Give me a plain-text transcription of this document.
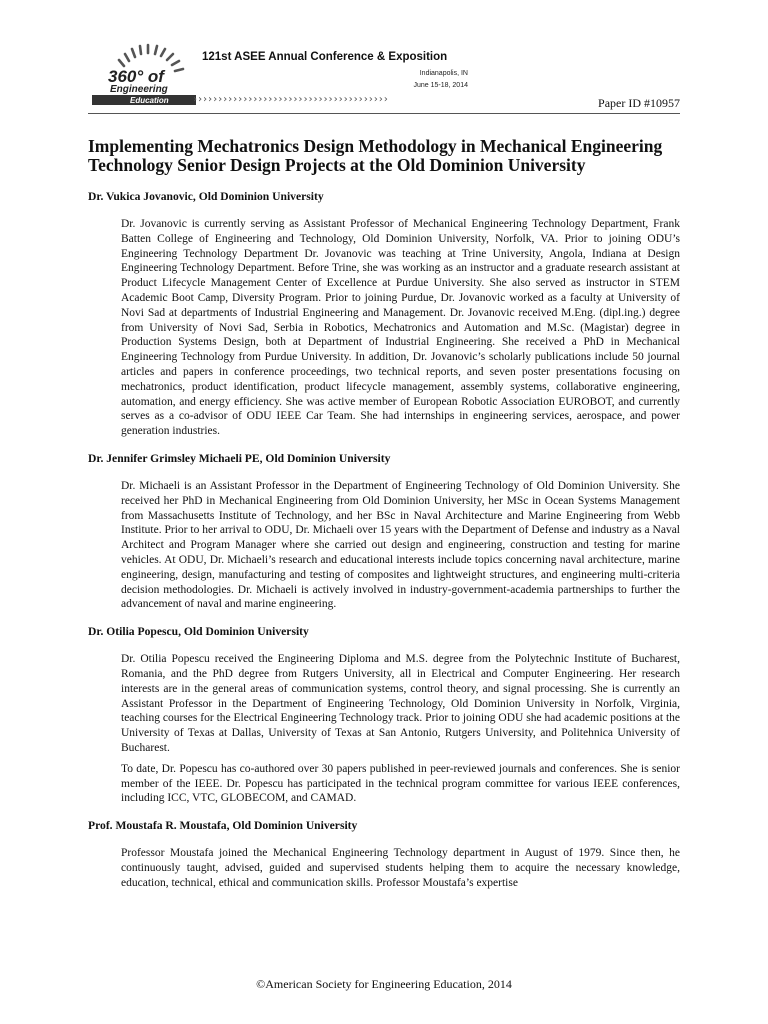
360° of
Engineering
Education
121st ASEE Annual Conference & Exposition
Indianapolis, IN
June 15-18, 2014
›››››››››››››››››››››››››››››››››››››››	Paper ID #10957
Implementing Mechatronics Design Methodology in Mechanical Engineering Technology Senior Design Projects at the Old Dominion University
Dr. Vukica Jovanovic, Old Dominion University

Dr. Jovanovic is currently serving as Assistant Professor of Mechanical Engineering Technology Department, Frank Batten College of Engineering and Technology, Old Dominion University, Norfolk, VA. Prior to joining ODU’s Engineering Technology Department Dr. Jovanovic was teaching at Trine University, Angola, Indiana at Design Engineering Technology Department. Before Trine, she was working as an instructor and a graduate research assistant at Product Lifecycle Management Center of Excellence at Purdue University. She also served as instructor in STEM Academic Boot Camp, Diversity Program. Prior to joining Purdue, Dr. Jovanovic worked as a faculty at University of Novi Sad at departments of Industrial Engineering and Management. Dr. Jovanovic received M.Eng. (dipl.ing.) degree from University of Novi Sad, Serbia in Robotics, Mechatronics and Automation and M.Sc. (Magistar) degree in Production Systems Design, both at Department of Industrial Engineering. She received a PhD in Mechanical Engineering Technology from Purdue University. In addition, Dr. Jovanovic’s scholarly publications include 50 journal articles and papers in conference proceedings, two technical reports, and seven poster presentations focusing on mechatronics, product identification, product lifecycle management, assembly systems, collaborative engineering, automation, and energy efficiency. She was active member of European Robotic Association EUROBOT, and currently serves as a co-advisor of ODU IEEE Car Team. She had internships in engineering services, aerospace, and power generation industries.

Dr. Jennifer Grimsley Michaeli PE, Old Dominion University

Dr. Michaeli is an Assistant Professor in the Department of Engineering Technology of Old Dominion University. She received her PhD in Mechanical Engineering from Old Dominion University, her MSc in Ocean Systems Management from Massachusetts Institute of Technology, and her BSc in Naval Architecture and Marine Engineering from Webb Institute. Prior to her arrival to ODU, Dr. Michaeli over 15 years with the Department of Defense and industry as a Naval Architect and Program Manager where she carried out design and engineering, construction and testing for marine vehicles. At ODU, Dr. Michaeli’s research and educational interests include topics concerning naval architecture, marine engineering, design, manufacturing and testing of composites and lightweight structures, and engineering multi-criteria decision methodologies. Dr. Michaeli is actively involved in industry-government-academia partnerships to further the advancement of naval and marine engineering.

Dr. Otilia Popescu, Old Dominion University

Dr. Otilia Popescu received the Engineering Diploma and M.S. degree from the Polytechnic Institute of Bucharest, Romania, and the PhD degree from Rutgers University, all in Electrical and Computer Engineering. Her research interests are in the general areas of communication systems, control theory, and signal processing. She is currently an Assistant Professor in the Department of Engineering Technology, Old Dominion University in Norfolk, Virginia, teaching courses for the Electrical Engineering Technology track. Prior to joining ODU she had academic positions at the University of Texas at Dallas, University of Texas at San Antonio, Rutgers University, and Politehnica University of Bucharest.

To date, Dr. Popescu has co-authored over 30 papers published in peer-reviewed journals and conferences. She is senior member of the IEEE. Dr. Popescu has participated in the technical program committee for various IEEE conferences, including ICC, VTC, GLOBECOM, and CAMAD.

Prof. Moustafa R. Moustafa, Old Dominion University

Professor Moustafa joined the Mechanical Engineering Technology department in August of 1979. Since then, he continuously taught, advised, guided and supervised students helping them to acquire the necessary knowledge, education, technical, ethical and communication skills. Professor Moustafa’s expertise

©American Society for Engineering Education, 2014
